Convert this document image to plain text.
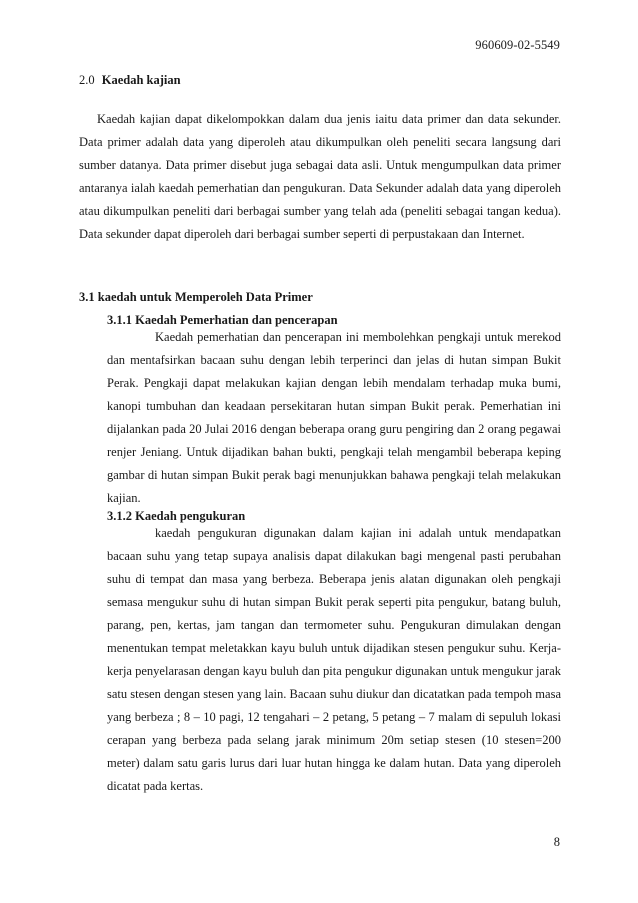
960609-02-5549
2.0 Kaedah kajian
Kaedah kajian dapat dikelompokkan dalam dua jenis iaitu data primer dan data sekunder. Data primer adalah data yang diperoleh atau dikumpulkan oleh peneliti secara langsung dari sumber datanya. Data primer disebut juga sebagai data asli. Untuk mengumpulkan data primer antaranya ialah kaedah pemerhatian dan pengukuran. Data Sekunder adalah data yang diperoleh atau dikumpulkan peneliti dari berbagai sumber yang telah ada (peneliti sebagai tangan kedua). Data sekunder dapat diperoleh dari berbagai sumber seperti di perpustakaan dan Internet.
3.1 kaedah untuk Memperoleh Data Primer
3.1.1 Kaedah Pemerhatian dan pencerapan
Kaedah pemerhatian dan pencerapan ini membolehkan pengkaji untuk merekod dan mentafsirkan bacaan suhu dengan lebih terperinci dan jelas di hutan simpan Bukit Perak. Pengkaji dapat melakukan kajian dengan lebih mendalam terhadap muka bumi, kanopi tumbuhan dan keadaan persekitaran hutan simpan Bukit perak. Pemerhatian ini dijalankan pada 20 Julai 2016 dengan beberapa orang guru pengiring dan 2 orang pegawai renjer Jeniang. Untuk dijadikan bahan bukti, pengkaji telah mengambil beberapa keping gambar di hutan simpan Bukit perak bagi menunjukkan bahawa pengkaji telah melakukan kajian.
3.1.2 Kaedah pengukuran
kaedah pengukuran digunakan dalam kajian ini adalah untuk mendapatkan bacaan suhu yang tetap supaya analisis dapat dilakukan bagi mengenal pasti perubahan suhu di tempat dan masa yang berbeza. Beberapa jenis alatan digunakan oleh pengkaji semasa mengukur suhu di hutan simpan Bukit perak seperti pita pengukur, batang buluh, parang, pen, kertas, jam tangan dan termometer suhu. Pengukuran dimulakan dengan menentukan tempat meletakkan kayu buluh untuk dijadikan stesen pengukur suhu. Kerja-kerja penyelarasan dengan kayu buluh dan pita pengukur digunakan untuk mengukur jarak satu stesen dengan stesen yang lain. Bacaan suhu diukur dan dicatatkan pada tempoh masa yang berbeza ; 8 – 10 pagi, 12 tengahari – 2 petang, 5 petang – 7 malam di sepuluh lokasi cerapan yang berbeza pada selang jarak minimum 20m setiap stesen (10 stesen=200 meter) dalam satu garis lurus dari luar hutan hingga ke dalam hutan. Data yang diperoleh dicatat pada kertas.
8
